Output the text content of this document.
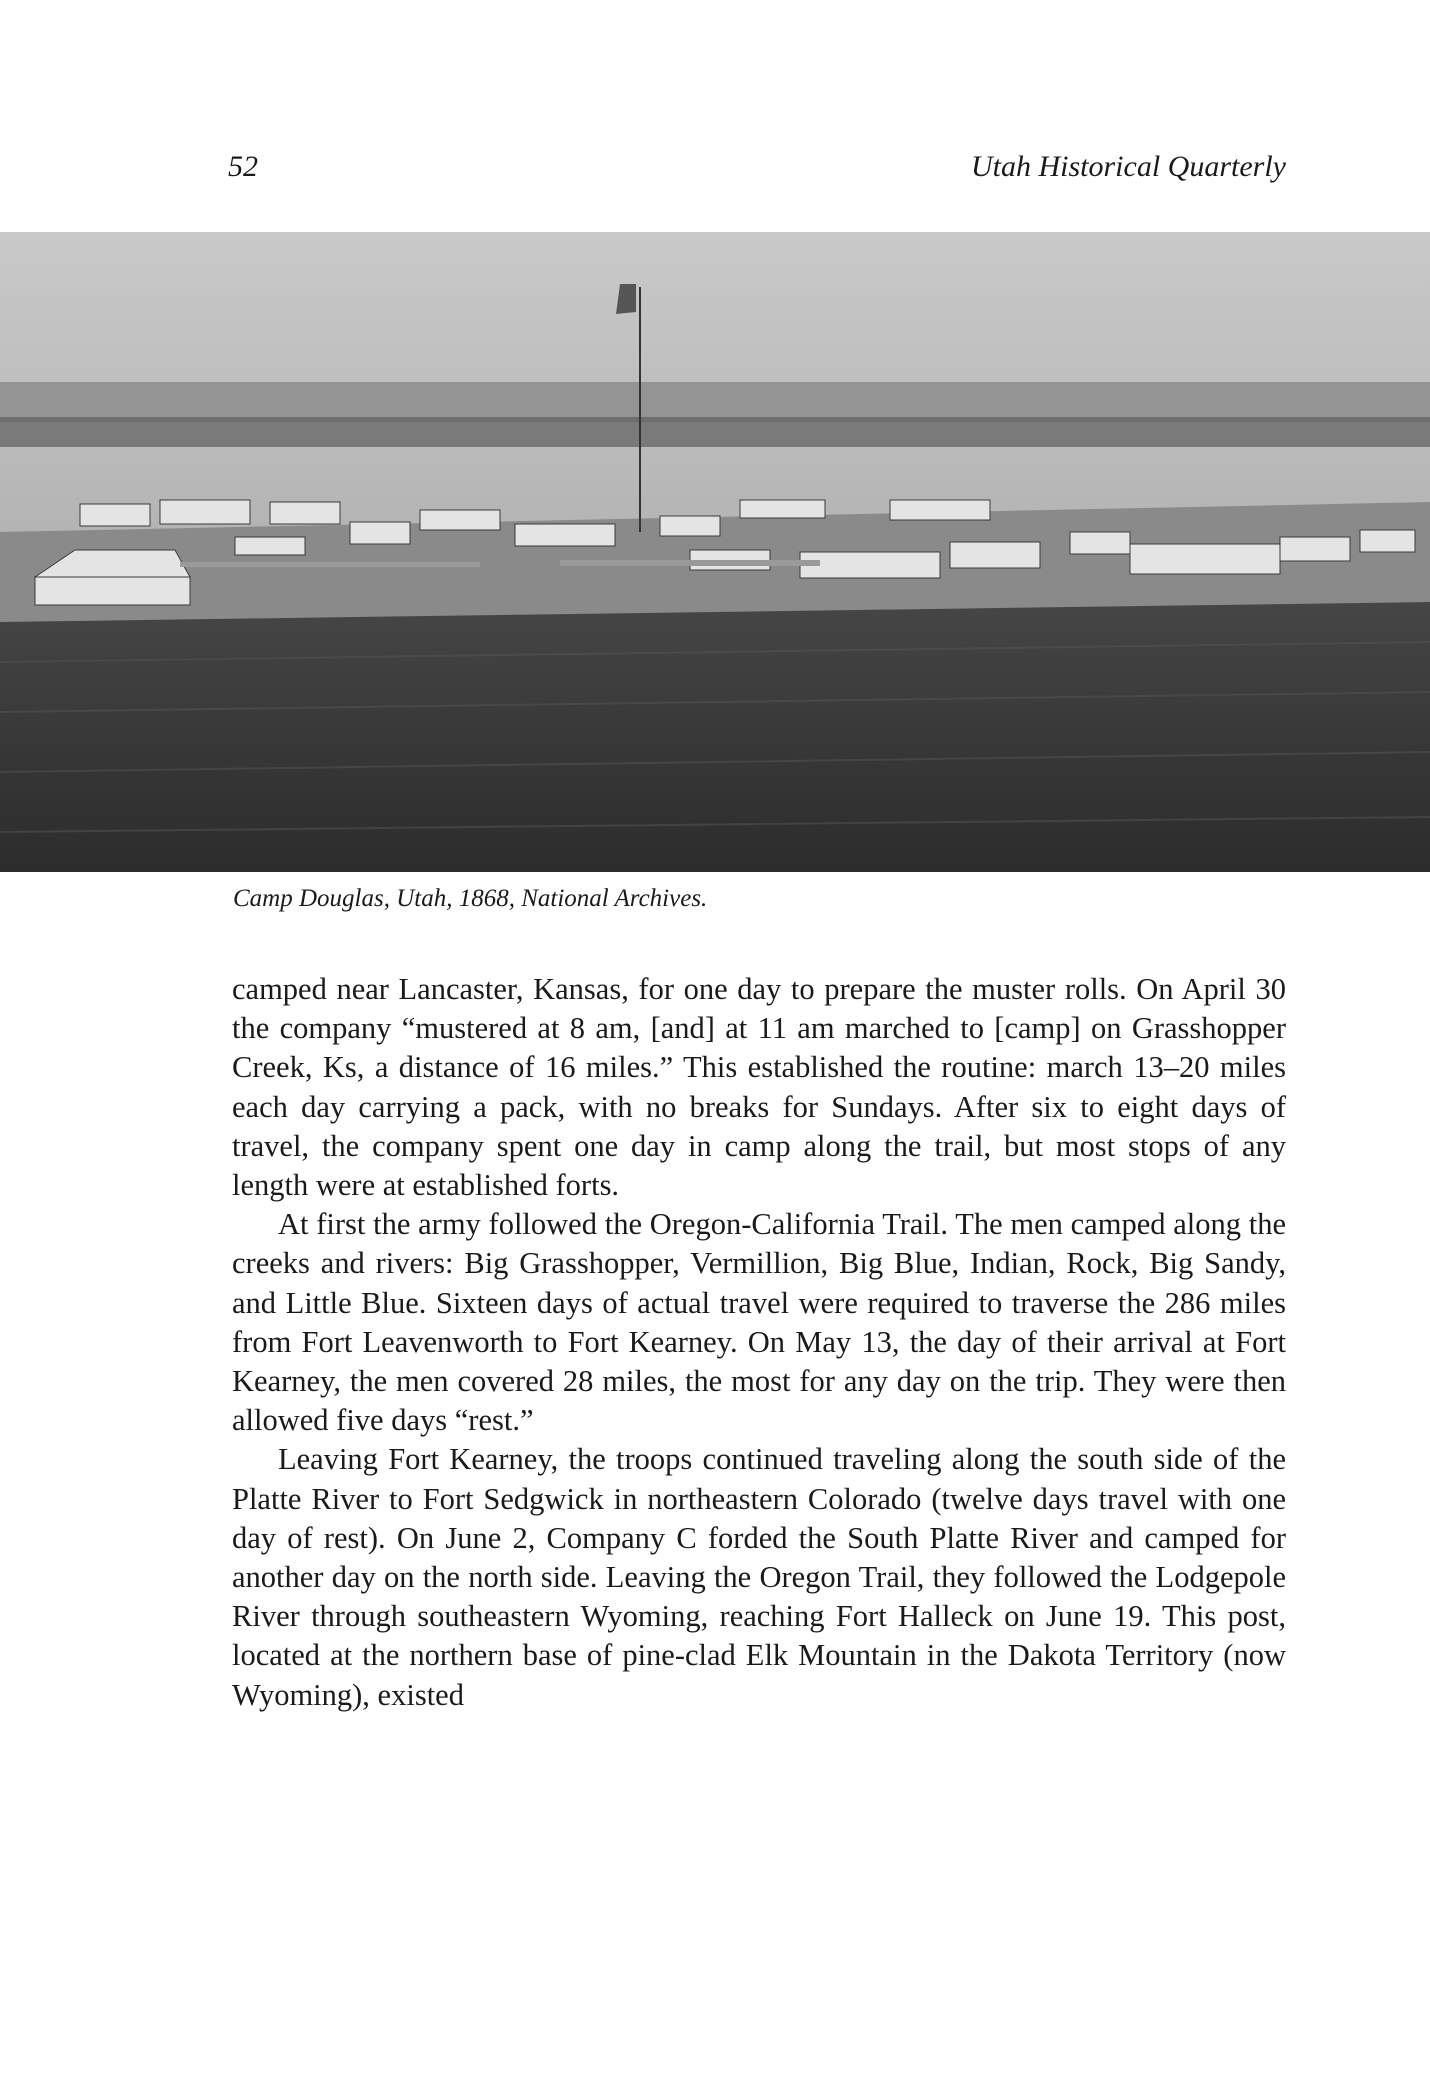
52	Utah Historical Quarterly
Camp Douglas, Utah, 1868, National Archives.

camped near Lancaster, Kansas, for one day to prepare the muster rolls. On April 30 the company “mustered at 8 am, [and] at 11 am marched to [camp] on Grasshopper Creek, Ks, a distance of 16 miles.” This established the routine: march 13–20 miles each day carrying a pack, with no breaks for Sundays. After six to eight days of travel, the company spent one day in camp along the trail, but most stops of any length were at established forts.

At first the army followed the Oregon-California Trail. The men camped along the creeks and rivers: Big Grasshopper, Vermillion, Big Blue, Indian, Rock, Big Sandy, and Little Blue. Sixteen days of actual travel were required to traverse the 286 miles from Fort Leavenworth to Fort Kearney. On May 13, the day of their arrival at Fort Kearney, the men covered 28 miles, the most for any day on the trip. They were then allowed five days “rest.”

Leaving Fort Kearney, the troops continued traveling along the south side of the Platte River to Fort Sedgwick in northeastern Colorado (twelve days travel with one day of rest). On June 2, Company C forded the South Platte River and camped for another day on the north side. Leaving the Oregon Trail, they followed the Lodgepole River through southeastern Wyoming, reaching Fort Halleck on June 19. This post, located at the northern base of pine-clad Elk Mountain in the Dakota Territory (now Wyoming), existed
